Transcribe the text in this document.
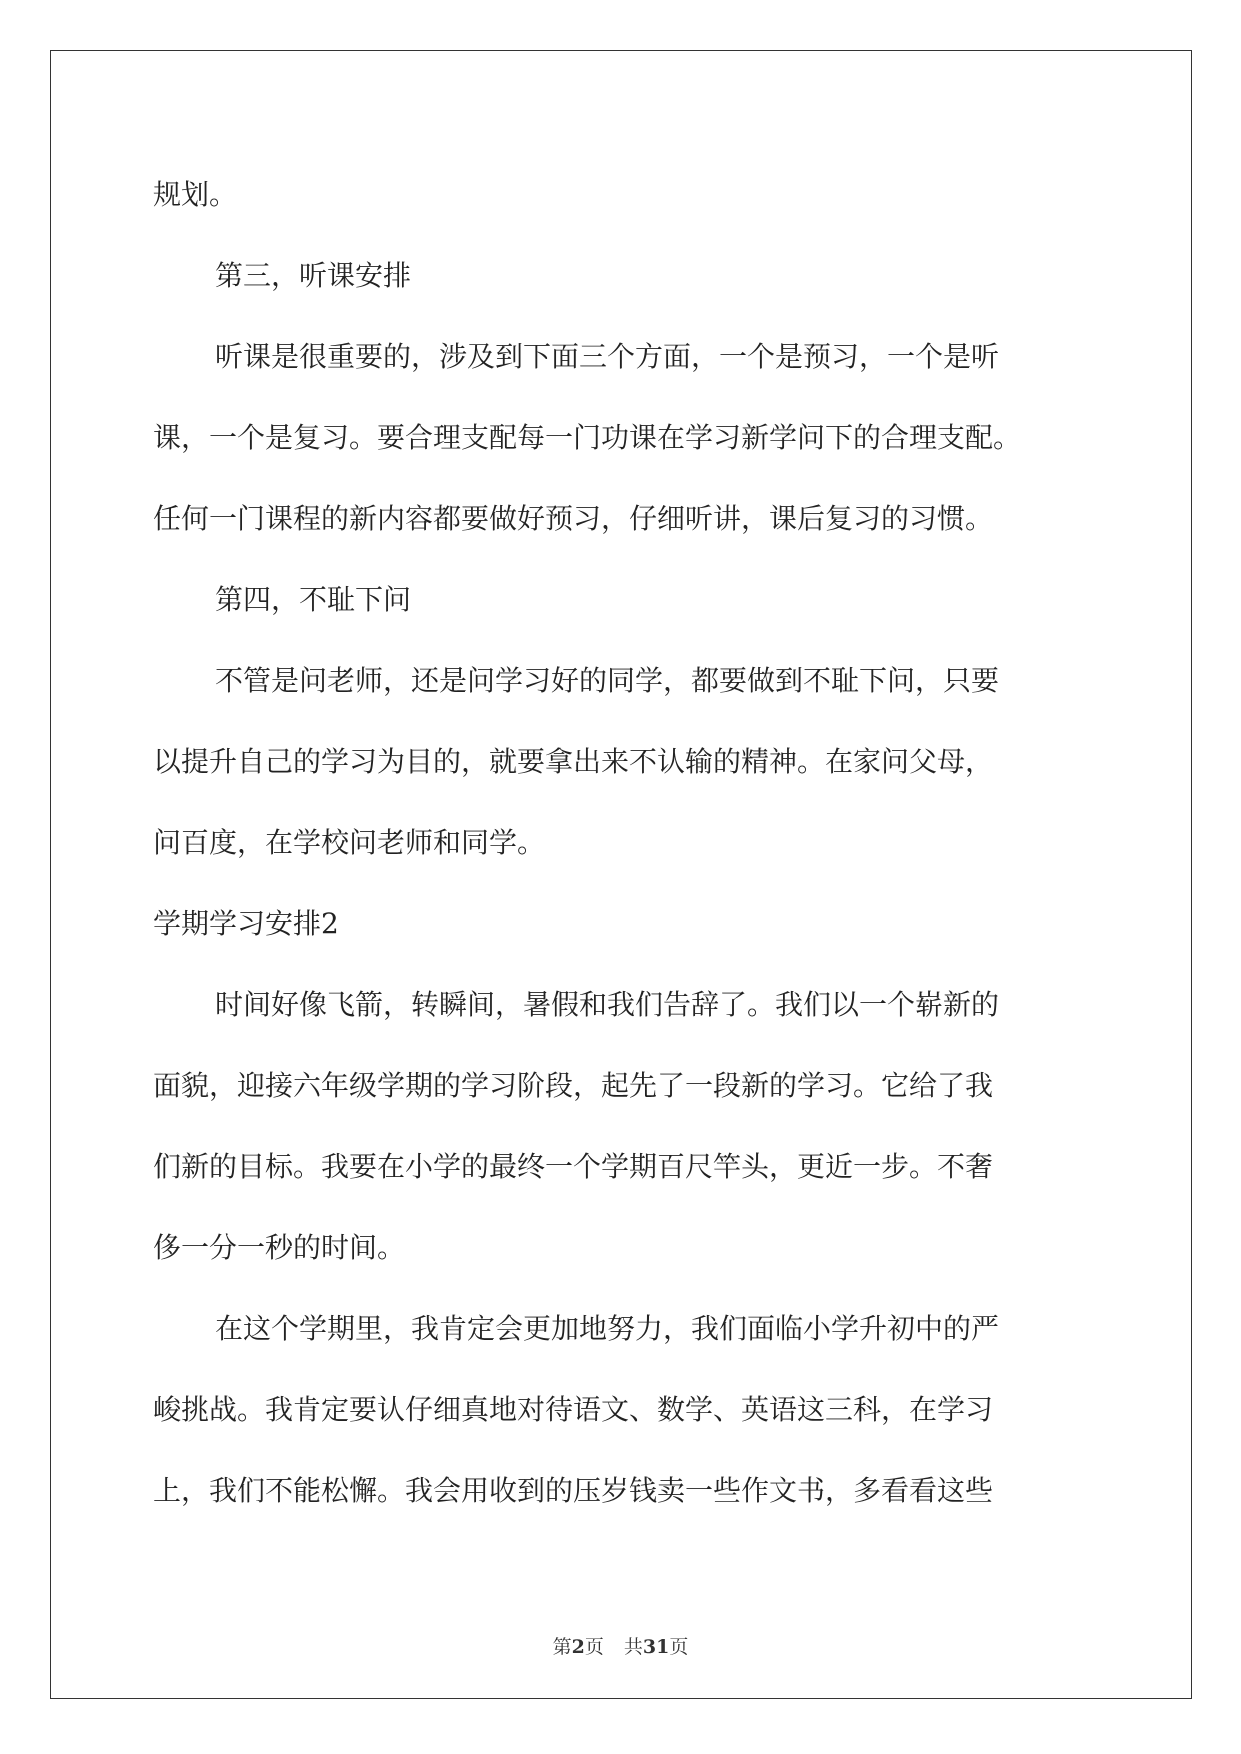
规划。
第三，听课安排
听课是很重要的，涉及到下面三个方面，一个是预习，一个是听
课，一个是复习。要合理支配每一门功课在学习新学问下的合理支配。
任何一门课程的新内容都要做好预习，仔细听讲，课后复习的习惯。
第四，不耻下问
不管是问老师，还是问学习好的同学，都要做到不耻下问，只要
以提升自己的学习为目的，就要拿出来不认输的精神。在家问父母，
问百度，在学校问老师和同学。
学期学习安排2
时间好像飞箭，转瞬间，暑假和我们告辞了。我们以一个崭新的
面貌，迎接六年级学期的学习阶段，起先了一段新的学习。它给了我
们新的目标。我要在小学的最终一个学期百尺竿头，更近一步。不奢
侈一分一秒的时间。
在这个学期里，我肯定会更加地努力，我们面临小学升初中的严
峻挑战。我肯定要认仔细真地对待语文、数学、英语这三科，在学习
上，我们不能松懈。我会用收到的压岁钱卖一些作文书，多看看这些
第2页 共31页
